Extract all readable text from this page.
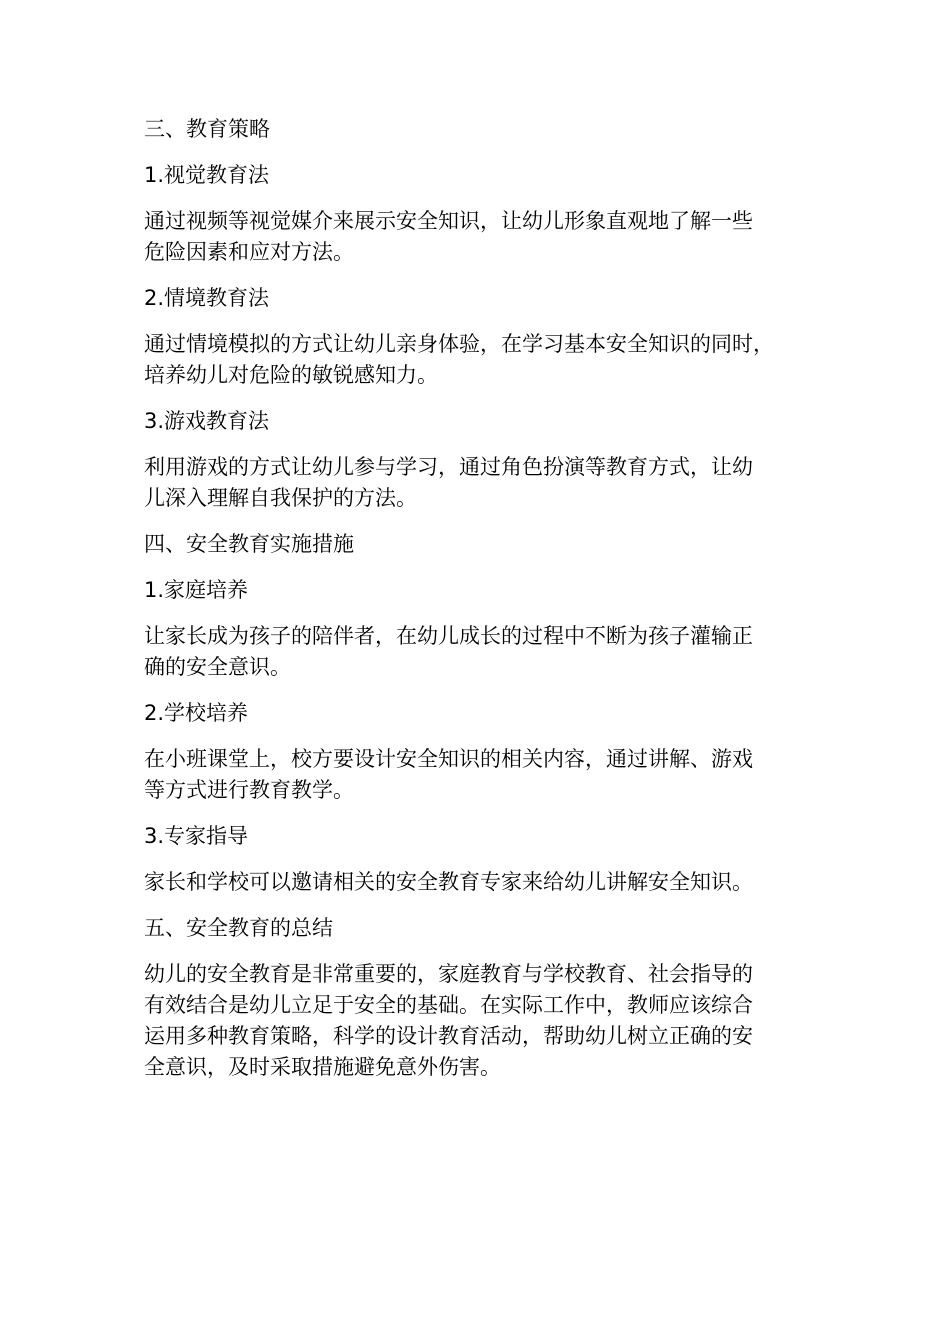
三、教育策略

1.视觉教育法

通过视频等视觉媒介来展示安全知识，让幼儿形象直观地了解一些
危险因素和应对方法。

2.情境教育法

通过情境模拟的方式让幼儿亲身体验，在学习基本安全知识的同时，
培养幼儿对危险的敏锐感知力。

3.游戏教育法

利用游戏的方式让幼儿参与学习，通过角色扮演等教育方式，让幼
儿深入理解自我保护的方法。

四、安全教育实施措施

1.家庭培养

让家长成为孩子的陪伴者，在幼儿成长的过程中不断为孩子灌输正
确的安全意识。

2.学校培养

在小班课堂上，校方要设计安全知识的相关内容，通过讲解、游戏
等方式进行教育教学。

3.专家指导

家长和学校可以邀请相关的安全教育专家来给幼儿讲解安全知识。

五、安全教育的总结

幼儿的安全教育是非常重要的，家庭教育与学校教育、社会指导的
有效结合是幼儿立足于安全的基础。在实际工作中，教师应该综合
运用多种教育策略，科学的设计教育活动，帮助幼儿树立正确的安
全意识，及时采取措施避免意外伤害。
